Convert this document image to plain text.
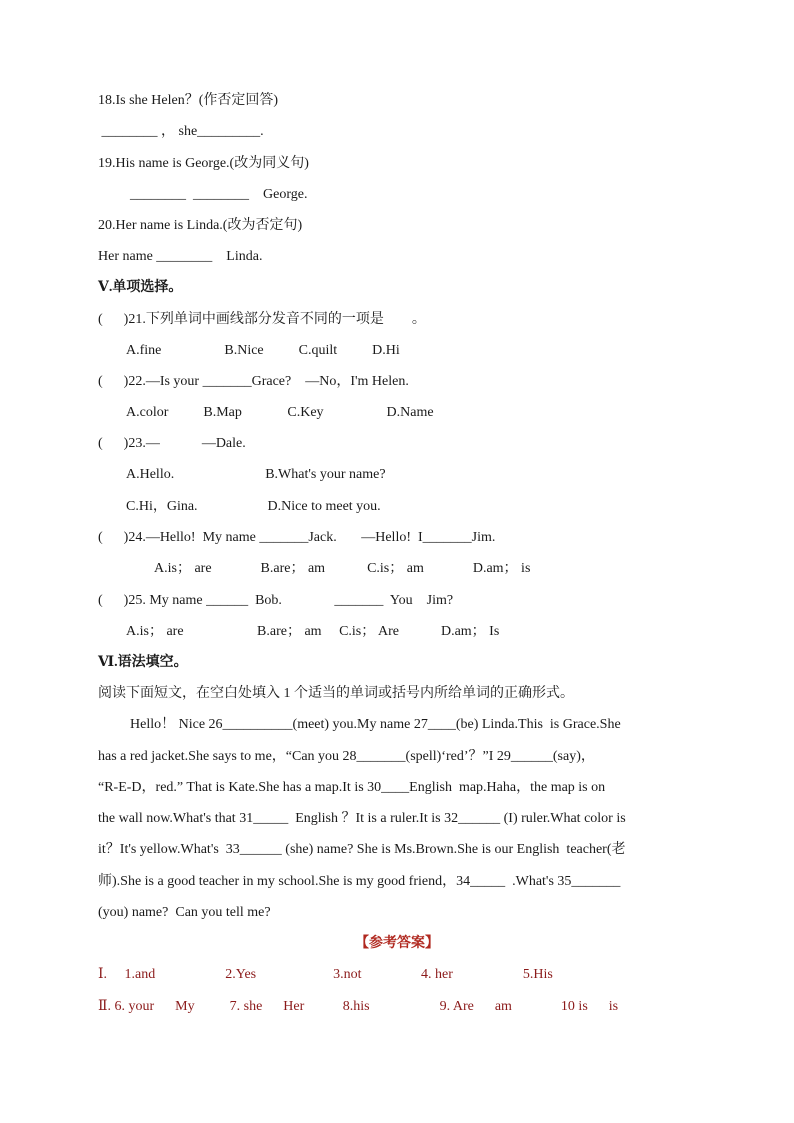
18.Is she Helen？(作否定回答)
________ ， she_________.
19.His name is George.(改为同义句)
________  ________    George.
20.Her name is Linda.(改为否定句)
Her name ________    Linda.
Ⅴ.单项选择。
(      )21.下列单词中画线部分发音不同的一项是        。
A.fine                  B.Nice          C.quilt          D.Hi
(      )22.—Is your _______Grace?    —No，I'm Helen.
A.color          B.Map             C.Key                  D.Name
(      )23.—            —Dale.
A.Hello.                          B.What's your name?
C.Hi，Gina.                    D.Nice to meet you.
(      )24.—Hello!  My name _______Jack.       —Hello!  I_______Jim.
A.is； are              B.are； am            C.is； am              D.am； is
(      )25. My name ______  Bob.               _______  You    Jim?
A.is； are                     B.are； am     C.is； Are            D.am； Is
Ⅵ.语法填空。
阅读下面短文，在空白处填入 1 个适当的单词或括号内所给单词的正确形式。
Hello！ Nice 26__________(meet) you.My name 27____(be) Linda.This  is Grace.She
has a red jacket.She says to me，“Can you 28_______(spell)‘red’？”I 29______(say)，
“R-E-D，red.” That is Kate.She has a map.It is 30____English  map.Haha，the map is on
the wall now.What's that 31_____  English ？It is a ruler.It is 32______ (I) ruler.What color is
it？It's yellow.What's  33______ (she) name? She is Ms.Brown.She is our English  teacher(老
师).She is a good teacher in my school.She is my good friend，34_____  .What's 35_______
(you) name?  Can you tell me?
【参考答案】
Ⅰ.     1.and                    2.Yes                      3.not                 4. her                    5.His
Ⅱ. 6. your      My          7. she      Her           8.his                    9. Are      am              10 is      is
